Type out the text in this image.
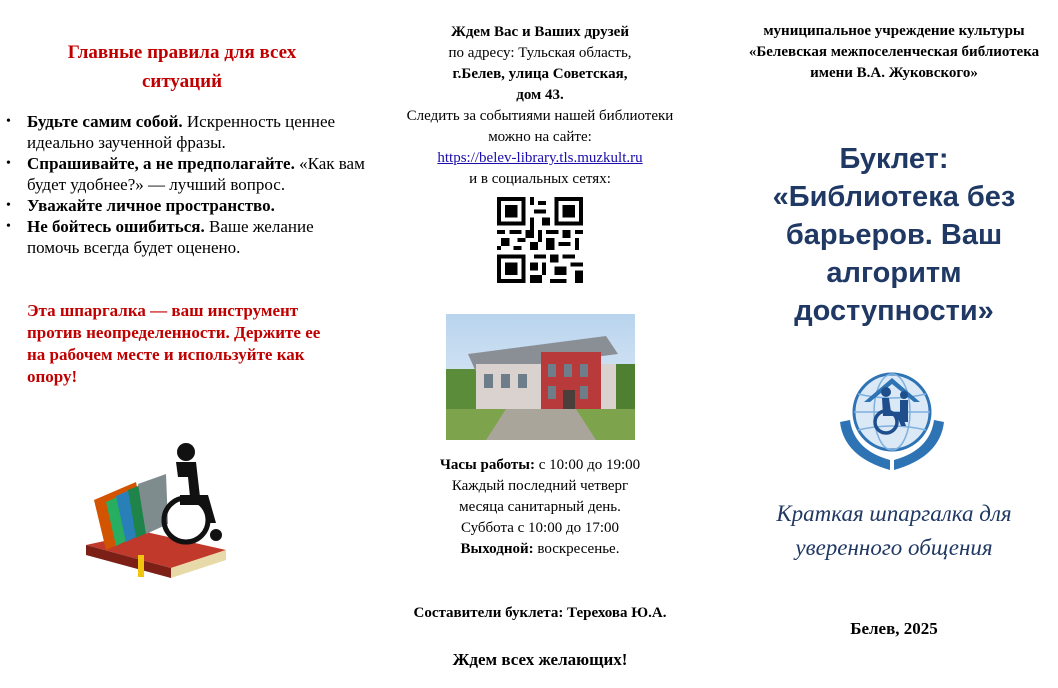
Главные правила для всех ситуаций
• Будьте самим собой. Искренность ценнее идеально заученной фразы.
• Спрашивайте, а не предполагайте. «Как вам будет удобнее?» — лучший вопрос.
• Уважайте личное пространство.
• Не бойтесь ошибиться. Ваше желание помочь всегда будет оценено.
Эта шпаргалка — ваш инструмент против неопределенности. Держите ее на рабочем месте и используйте как опору!
Ждем Вас и Ваших друзей
по адресу: Тульская область,
г.Белев, улица Советская,
дом 43.
Следить за событиями нашей библиотеки
можно на сайте:
https://belev-library.tls.muzkult.ru
и в социальных сетях:
Часы работы: с 10:00 до 19:00
Каждый последний четверг
месяца санитарный день.
Суббота с 10:00 до 17:00
Выходной: воскресенье.
Составители буклета: Терехова Ю.А.
Ждем всех желающих!
муниципальное учреждение культуры
«Белевская межпоселенческая библиотека
имени В.А. Жуковского»
Буклет:
«Библиотека без барьеров. Ваш алгоритм доступности»
Краткая шпаргалка для уверенного общения
Белев, 2025
